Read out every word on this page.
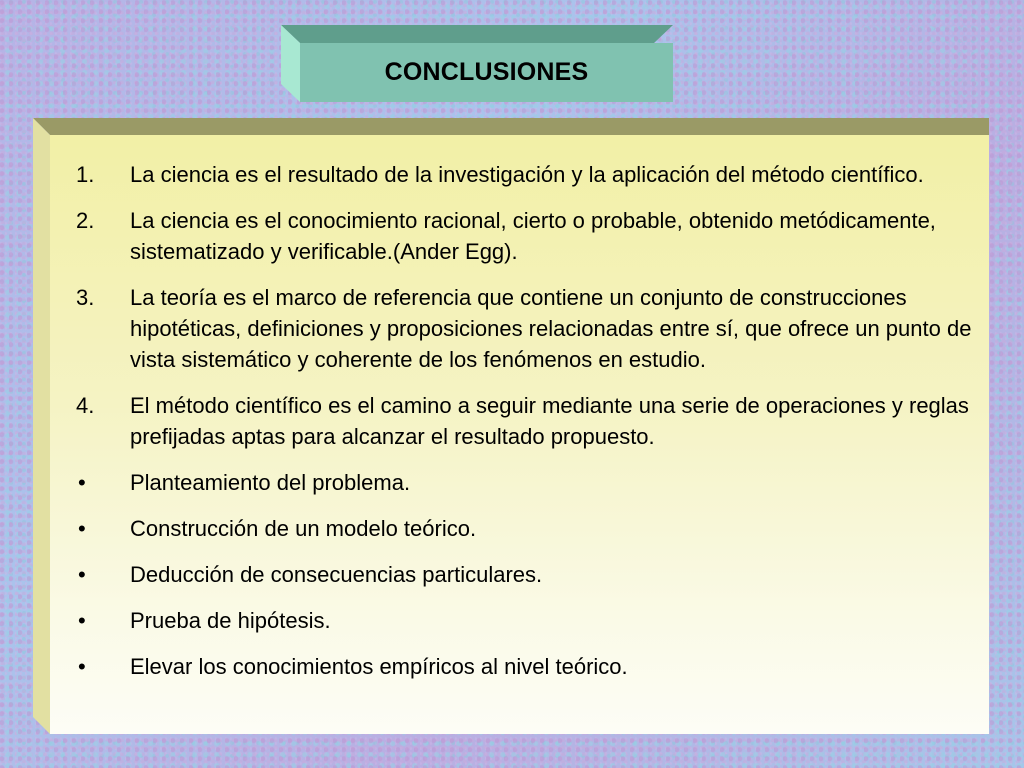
CONCLUSIONES
1.	La ciencia es el resultado de la investigación y la aplicación del método científico.
2.	La ciencia es el conocimiento racional, cierto o probable, obtenido metódicamente, sistematizado y verificable.(Ander Egg).
3.	La teoría es el marco de referencia que contiene un conjunto de construcciones hipotéticas, definiciones y proposiciones relacionadas entre sí, que ofrece un punto de vista sistemático y coherente de los fenómenos en estudio.
4.	El método científico es el camino a seguir mediante una serie de operaciones y reglas prefijadas aptas para alcanzar el resultado propuesto.
•	Planteamiento del problema.
•	Construcción de un modelo teórico.
•	Deducción de consecuencias particulares.
•	Prueba de hipótesis.
•	Elevar los conocimientos empíricos al nivel teórico.
